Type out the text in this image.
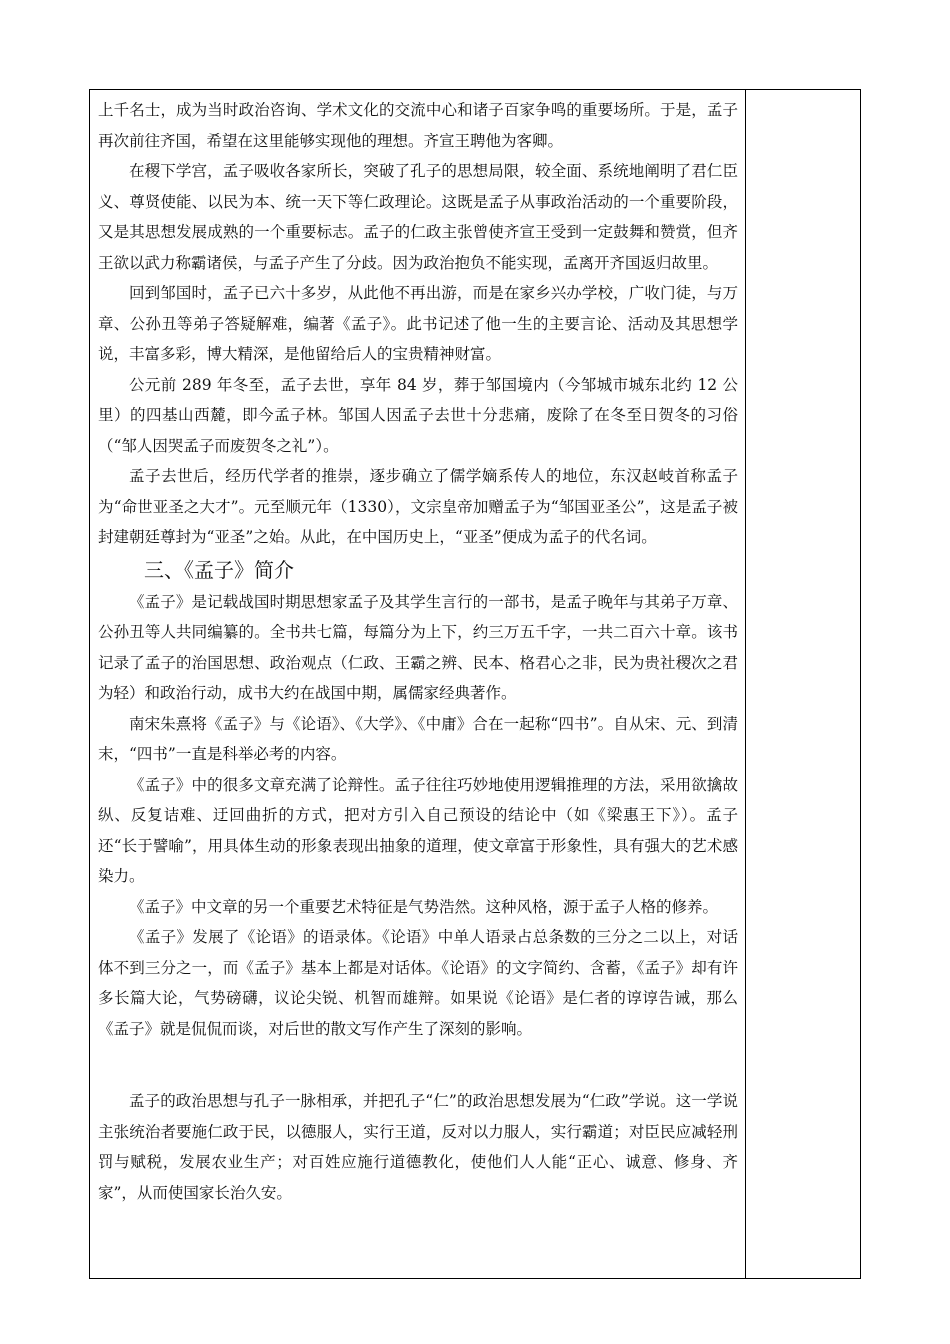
上千名士，成为当时政治咨询、学术文化的交流中心和诸子百家争鸣的重要场所。于是，孟子再次前往齐国，希望在这里能够实现他的理想。齐宣王聘他为客卿。

在稷下学宫，孟子吸收各家所长，突破了孔子的思想局限，较全面、系统地阐明了君仁臣义、尊贤使能、以民为本、统一天下等仁政理论。这既是孟子从事政治活动的一个重要阶段，又是其思想发展成熟的一个重要标志。孟子的仁政主张曾使齐宣王受到一定鼓舞和赞赏，但齐王欲以武力称霸诸侯，与孟子产生了分歧。因为政治抱负不能实现，孟离开齐国返归故里。

回到邹国时，孟子已六十多岁，从此他不再出游，而是在家乡兴办学校，广收门徒，与万章、公孙丑等弟子答疑解难，编著《孟子》。此书记述了他一生的主要言论、活动及其思想学说，丰富多彩，博大精深，是他留给后人的宝贵精神财富。

公元前 289 年冬至，孟子去世，享年 84 岁，葬于邹国境内（今邹城市城东北约 12 公里）的四基山西麓，即今孟子林。邹国人因孟子去世十分悲痛，废除了在冬至日贺冬的习俗（“邹人因哭孟子而废贺冬之礼”）。

孟子去世后，经历代学者的推崇，逐步确立了儒学嫡系传人的地位，东汉赵岐首称孟子为“命世亚圣之大才”。元至顺元年（1330），文宗皇帝加赠孟子为“邹国亚圣公”，这是孟子被封建朝廷尊封为“亚圣”之始。从此，在中国历史上，“亚圣”便成为孟子的代名词。

三、《孟子》简介

《孟子》是记载战国时期思想家孟子及其学生言行的一部书，是孟子晚年与其弟子万章、公孙丑等人共同编纂的。全书共七篇，每篇分为上下，约三万五千字，一共二百六十章。该书记录了孟子的治国思想、政治观点（仁政、王霸之辨、民本、格君心之非，民为贵社稷次之君为轻）和政治行动，成书大约在战国中期，属儒家经典著作。

南宋朱熹将《孟子》与《论语》、《大学》、《中庸》合在一起称“四书”。自从宋、元、到清末，“四书”一直是科举必考的内容。

《孟子》中的很多文章充满了论辩性。孟子往往巧妙地使用逻辑推理的方法，采用欲擒故纵、反复诘难、迂回曲折的方式，把对方引入自己预设的结论中（如《梁惠王下》）。孟子还“长于譬喻”，用具体生动的形象表现出抽象的道理，使文章富于形象性，具有强大的艺术感染力。

《孟子》中文章的另一个重要艺术特征是气势浩然。这种风格，源于孟子人格的修养。

《孟子》发展了《论语》的语录体。《论语》中单人语录占总条数的三分之二以上，对话体不到三分之一，而《孟子》基本上都是对话体。《论语》的文字简约、含蓄，《孟子》却有许多长篇大论，气势磅礴，议论尖锐、机智而雄辩。如果说《论语》是仁者的谆谆告诫，那么《孟子》就是侃侃而谈，对后世的散文写作产生了深刻的影响。

孟子的政治思想与孔子一脉相承，并把孔子“仁”的政治思想发展为“仁政”学说。这一学说主张统治者要施仁政于民，以德服人，实行王道，反对以力服人，实行霸道；对臣民应减轻刑罚与赋税，发展农业生产；对百姓应施行道德教化，使他们人人能“正心、诚意、修身、齐家”，从而使国家长治久安。
